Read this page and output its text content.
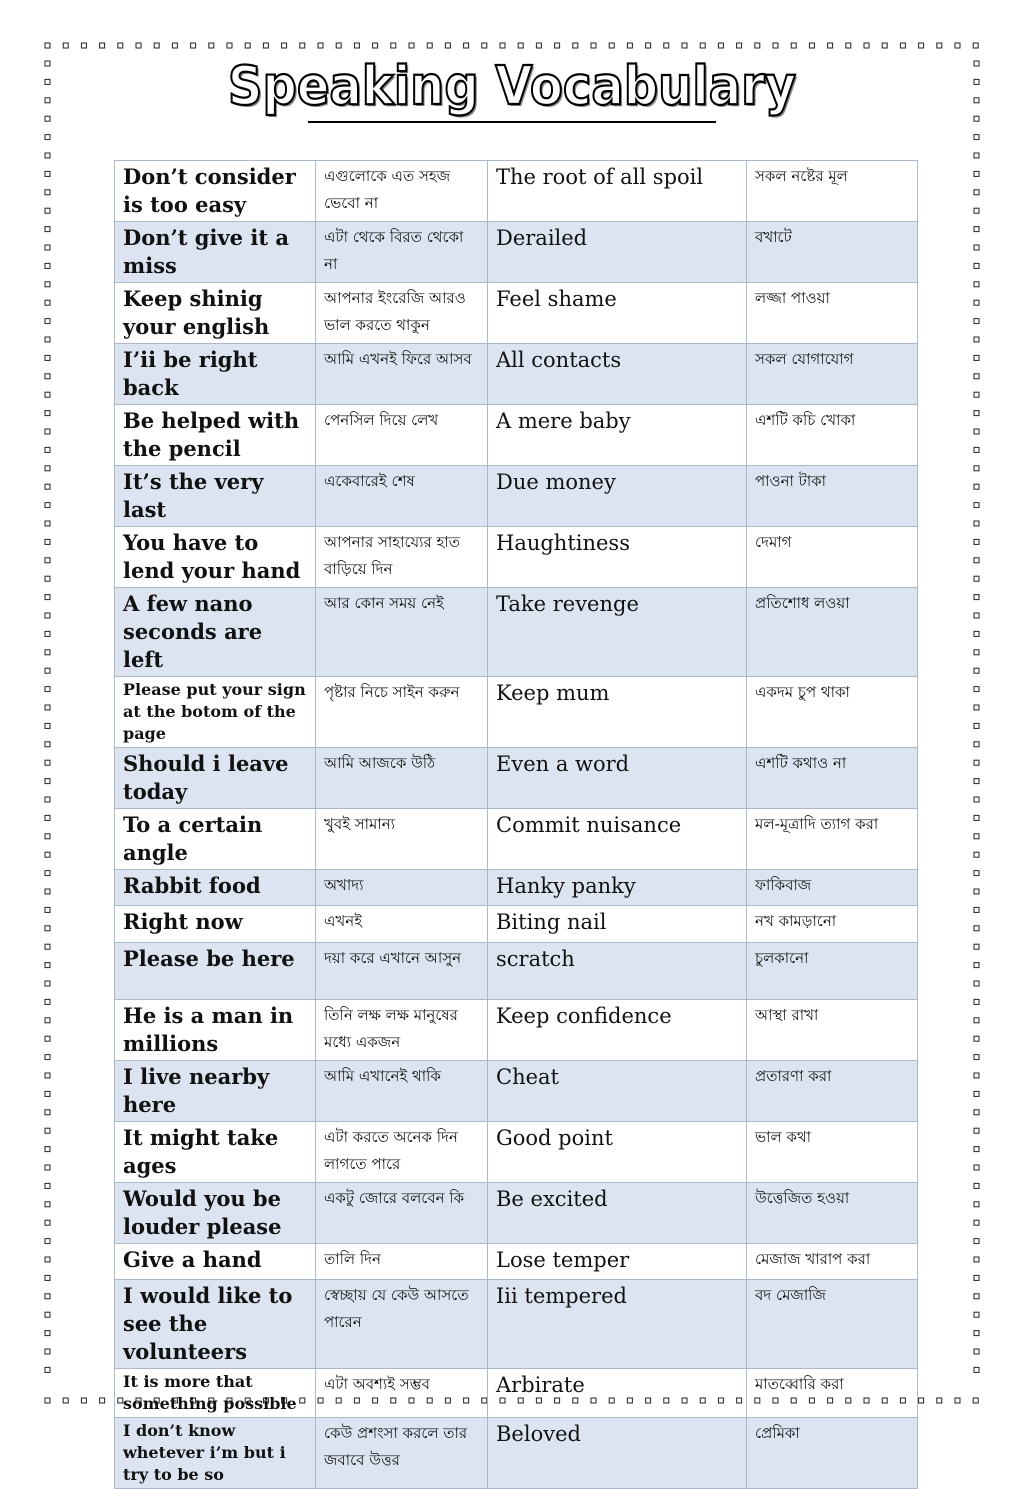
Speaking Vocabulary
Don’t consider is too easy	এগুলোকে এত সহজ ভেবো না	The root of all spoil	সকল নষ্টের মূল
Don’t give it a miss	এটা থেকে বিরত থেকো না	Derailed	বখাটে
Keep shinig your english	আপনার ইংরেজি আরও ভাল করতে থাকুন	Feel shame	লজ্জা পাওয়া
I’ii be right back	আমি এখনই ফিরে আসব	All contacts	সকল যোগাযোগ
Be helped with the pencil	পেনসিল দিয়ে লেখ	A mere baby	এশটি কচি খোকা
It’s the very last	একেবারেই শেষ	Due money	পাওনা টাকা
You have to lend your hand	আপনার সাহায্যের হাত বাড়িয়ে দিন	Haughtiness	দেমাগ
A few nano seconds are left	আর কোন সময় নেই	Take revenge	প্রতিশোধ লওয়া
Please put your sign at the botom of the page	পৃষ্টার নিচে সাইন করুন	Keep mum	একদম চুপ থাকা
Should i leave today	আমি আজকে উঠি	Even a word	এশটি কথাও না
To a certain angle	খুবই সামান্য	Commit nuisance	মল-মূত্রাদি ত্যাগ করা
Rabbit food	অখাদ্য	Hanky panky	ফাকিবাজ
Right now	এখনই	Biting nail	নখ কামড়ানো
Please be here	দয়া করে এখানে আসুন	scratch	চুলকানো
He is a man in millions	তিনি লক্ষ লক্ষ মানুষের মধ্যে একজন	Keep confidence	আস্থা রাখা
I live nearby here	আমি এখানেই থাকি	Cheat	প্রতারণা করা
It might take ages	এটা করতে অনেক দিন লাগতে পারে	Good point	ভাল কথা
Would you be louder please	একটু জোরে বলবেন কি	Be excited	উত্তেজিত হওয়া
Give a hand	তালি দিন	Lose temper	মেজাজ খারাপ করা
I would like to see the volunteers	স্বেচ্ছায় যে কেউ আসতে পারেন	Iii tempered	বদ মেজাজি
It is more that something possible	এটা অবশ্যই সম্ভব	Arbirate	মাতব্বোরি করা
I don’t know whetever i’m but i try to be so	কেউ প্রশংসা করলে তার জবাবে উত্তর	Beloved	প্রেমিকা
